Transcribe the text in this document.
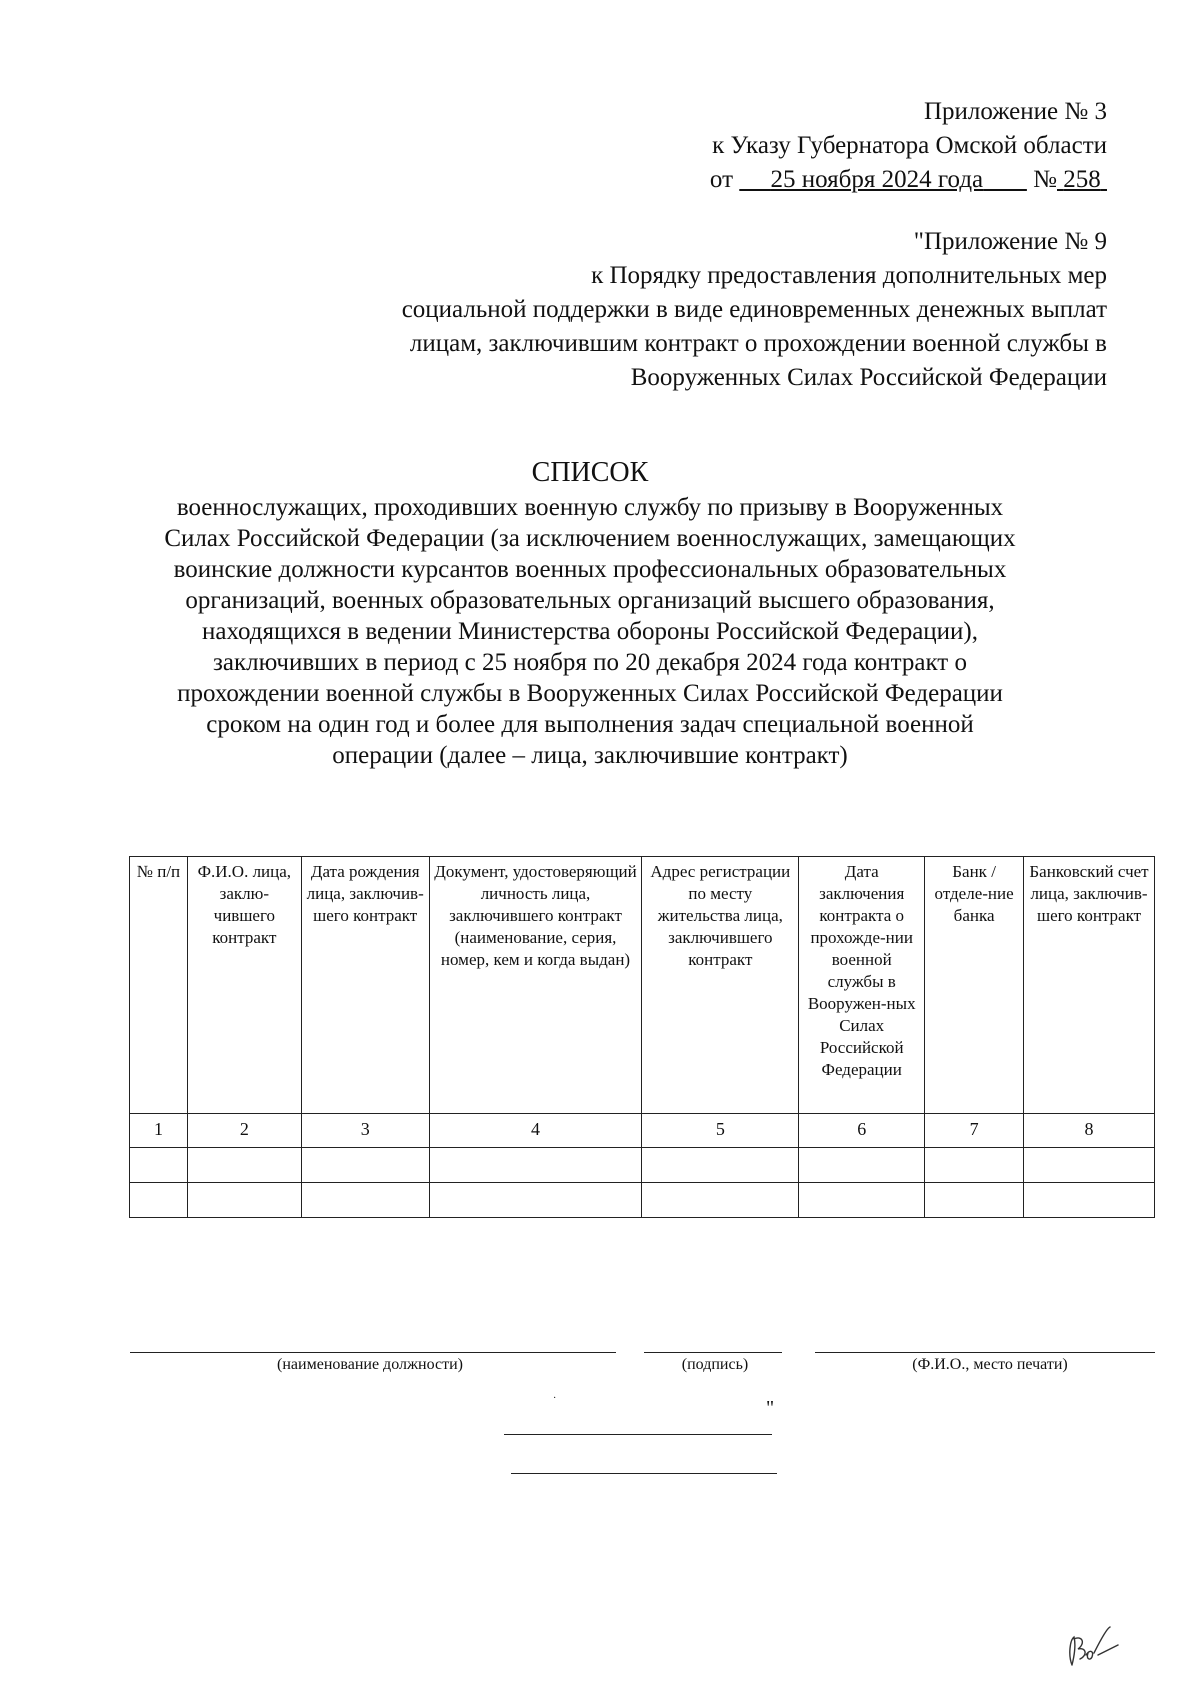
Приложение № 3
к Указу Губернатора Омской области
от 25 ноября 2024 года № 258
"Приложение № 9
к Порядку предоставления дополнительных мер
социальной поддержки в виде единовременных денежных выплат
лицам, заключившим контракт о прохождении военной службы в
Вооруженных Силах Российской Федерации
СПИСОК
военнослужащих, проходивших военную службу по призыву в Вооруженных Силах Российской Федерации (за исключением военнослужащих, замещающих воинские должности курсантов военных профессиональных образовательных организаций, военных образовательных организаций высшего образования, находящихся в ведении Министерства обороны Российской Федерации), заключивших в период с 25 ноября по 20 декабря 2024 года контракт о прохождении военной службы в Вооруженных Силах Российской Федерации сроком на один год и более для выполнения задач специальной военной операции (далее – лица, заключившие контракт)
№ п/п	Ф.И.О. лица, заклю-чившего контракт	Дата рождения лица, заключив-шего контракт	Документ, удостоверяющий личность лица, заключившего контракт (наименование, серия, номер, кем и когда выдан)	Адрес регистрации по месту жительства лица, заключившего контракт	Дата заключения контракта о прохожде-нии военной службы в Вооружен-ных Силах Российской Федерации	Банк / отделе-ние банка	Банковский счет лица, заключив-шего контракт
1	2	3	4	5	6	7	8

(наименование должности)	(подпись)	(Ф.И.О., место печати)
·	"
